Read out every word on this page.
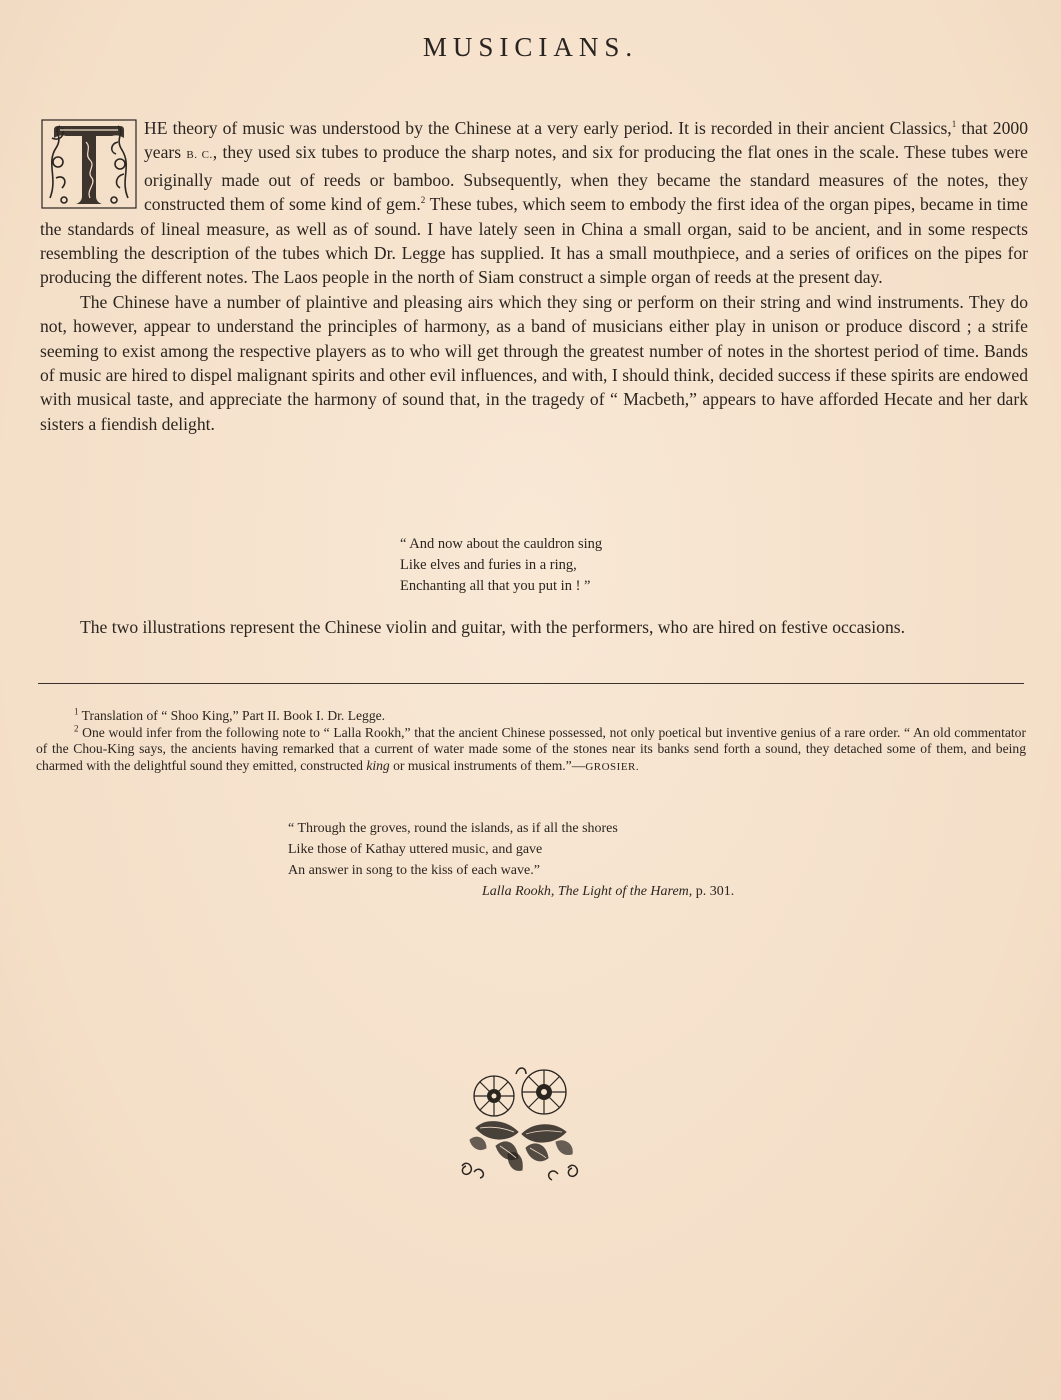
MUSICIANS.

HE theory of music was understood by the Chinese at a very early period. It is recorded in their ancient Classics,$^1$ that 2000 years B. C., they used six tubes to produce the sharp notes, and six for producing the flat ones in the scale. These tubes were originally made out of reeds or bamboo. Subsequently, when they became the standard measures of the notes, they constructed them of some kind of gem.$^2$ These tubes, which seem to embody the first idea of the organ pipes, became in time the standards of lineal measure, as well as of sound. I have lately seen in China a small organ, said to be ancient, and in some respects resembling the description of the tubes which Dr. Legge has supplied. It has a small mouthpiece, and a series of orifices on the pipes for producing the different notes. The Laos people in the north of Siam construct a simple organ of reeds at the present day.

The Chinese have a number of plaintive and pleasing airs which they sing or perform on their string and wind instruments. They do not, however, appear to understand the principles of harmony, as a band of musicians either play in unison or produce discord ; a strife seeming to exist among the respective players as to who will get through the greatest number of notes in the shortest period of time. Bands of music are hired to dispel malignant spirits and other evil influences, and with, I should think, decided success if these spirits are endowed with musical taste, and appreciate the harmony of sound that, in the tragedy of “ Macbeth,” appears to have afforded Hecate and her dark sisters a fiendish delight.

“ And now about the cauldron sing
Like elves and furies in a ring,
Enchanting all that you put in ! ”
The two illustrations represent the Chinese violin and guitar, with the performers, who are hired on festive occasions.

$^1$ Translation of “ Shoo King,” Part II. Book I. Dr. Legge.

$^2$ One would infer from the following note to “ Lalla Rookh,” that the ancient Chinese possessed, not only poetical but inventive genius of a rare order. “ An old commentator of the Chou-King says, the ancients having remarked that a current of water made some of the stones near its banks send forth a sound, they detached some of them, and being charmed with the delightful sound they emitted, constructed king or musical instruments of them.”—GROSIER.

“ Through the groves, round the islands, as if all the shores
Like those of Kathay uttered music, and gave
An answer in song to the kiss of each wave.”
Lalla Rookh, The Light of the Harem, p. 301.
